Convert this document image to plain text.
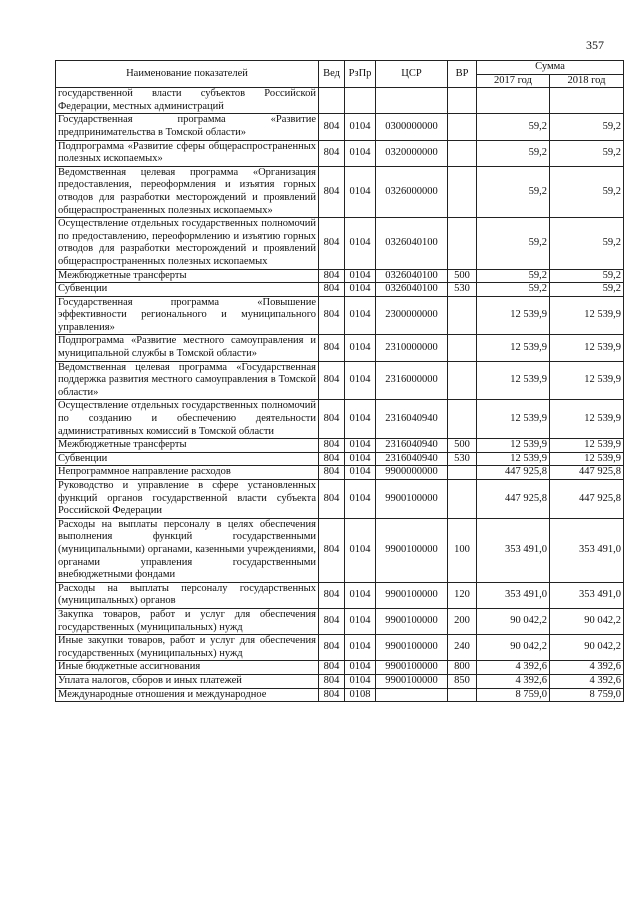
357
Наименование показателей	Вед	РзПр	ЦСР	ВР	Сумма	
					2017 год	2018 год
государственной власти субъектов Российской Федерации, местных администраций						
Государственная программа «Развитие предпринимательства в Томской области»	804	0104	0300000000		59,2	59,2
Подпрограмма «Развитие сферы общераспространенных полезных ископаемых»	804	0104	0320000000		59,2	59,2
Ведомственная целевая программа «Организация предоставления, переоформления и изъятия горных отводов для разработки месторождений и проявлений общераспространенных полезных ископаемых»	804	0104	0326000000		59,2	59,2
Осуществление отдельных государственных полномочий по предоставлению, переоформлению и изъятию горных отводов для разработки месторождений и проявлений общераспространенных полезных ископаемых	804	0104	0326040100		59,2	59,2
Межбюджетные трансферты	804	0104	0326040100	500	59,2	59,2
Субвенции	804	0104	0326040100	530	59,2	59,2
Государственная программа «Повышение эффективности регионального и муниципального управления»	804	0104	2300000000		12 539,9	12 539,9
Подпрограмма «Развитие местного самоуправления и муниципальной службы в Томской области»	804	0104	2310000000		12 539,9	12 539,9
Ведомственная целевая программа «Государственная поддержка развития местного самоуправления в Томской области»	804	0104	2316000000		12 539,9	12 539,9
Осуществление отдельных государственных полномочий по созданию и обеспечению деятельности административных комиссий в Томской области	804	0104	2316040940		12 539,9	12 539,9
Межбюджетные трансферты	804	0104	2316040940	500	12 539,9	12 539,9
Субвенции	804	0104	2316040940	530	12 539,9	12 539,9
Непрограммное направление расходов	804	0104	9900000000		447 925,8	447 925,8
Руководство и управление в сфере установленных функций органов государственной власти субъекта Российской Федерации	804	0104	9900100000		447 925,8	447 925,8
Расходы на выплаты персоналу в целях обеспечения выполнения функций государственными (муниципальными) органами, казенными учреждениями, органами управления государственными внебюджетными фондами	804	0104	9900100000	100	353 491,0	353 491,0
Расходы на выплаты персоналу государственных (муниципальных) органов	804	0104	9900100000	120	353 491,0	353 491,0
Закупка товаров, работ и услуг для обеспечения государственных (муниципальных) нужд	804	0104	9900100000	200	90 042,2	90 042,2
Иные закупки товаров, работ и услуг для обеспечения государственных (муниципальных) нужд	804	0104	9900100000	240	90 042,2	90 042,2
Иные бюджетные ассигнования	804	0104	9900100000	800	4 392,6	4 392,6
Уплата налогов, сборов и иных платежей	804	0104	9900100000	850	4 392,6	4 392,6
Международные отношения и международное	804	0108			8 759,0	8 759,0
